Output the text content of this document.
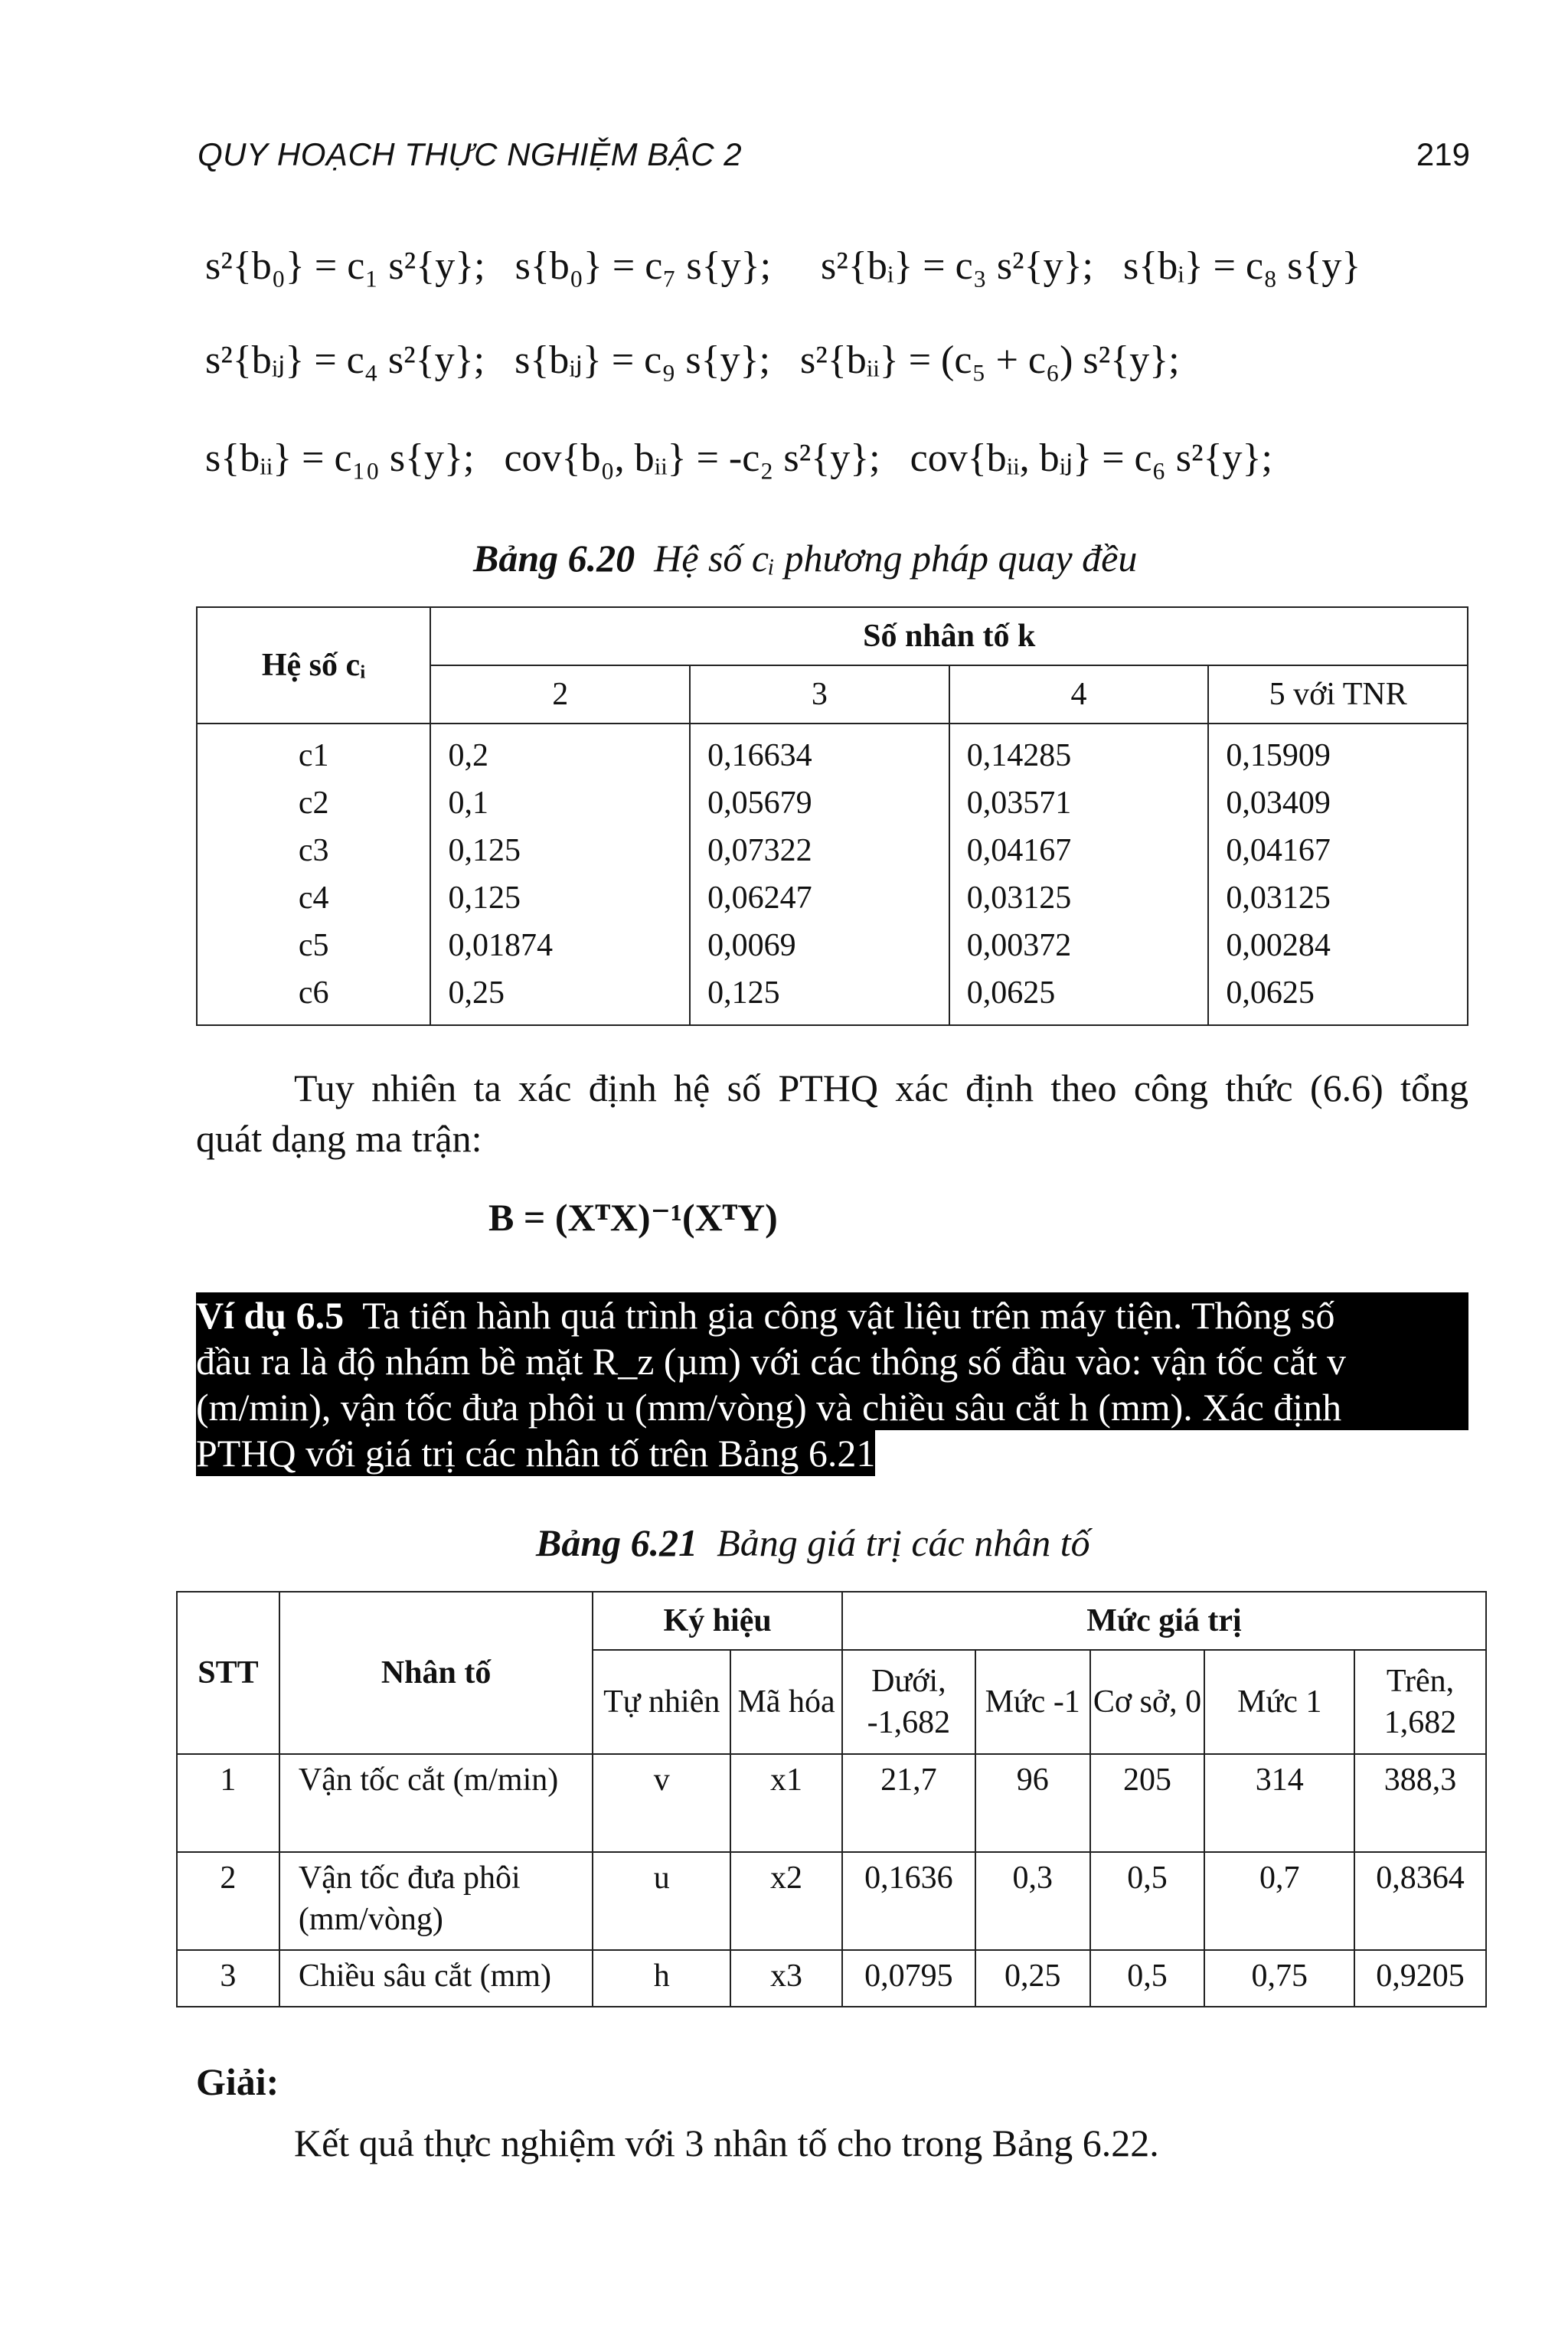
QUY HOẠCH THỰC NGHIỆM BẬC 2	219
s²{b₀} = c₁ s²{y}; s{b₀} = c₇ s{y}; s²{bᵢ} = c₃ s²{y}; s{bᵢ} = c₈ s{y}
s²{bᵢⱼ} = c₄ s²{y}; s{bᵢⱼ} = c₉ s{y}; s²{bᵢᵢ} = (c₅ + c₆) s²{y};
s{bᵢᵢ} = c₁₀ s{y}; cov{b₀, bᵢᵢ} = -c₂ s²{y}; cov{bᵢᵢ, bᵢⱼ} = c₆ s²{y};
Bảng 6.20 Hệ số cᵢ phương pháp quay đều
Hệ số cᵢ	Số nhân tố k			
	2	3	4	5 với TNR
c1	0,2	0,16634	0,14285	0,15909
c2	0,1	0,05679	0,03571	0,03409
c3	0,125	0,07322	0,04167	0,04167
c4	0,125	0,06247	0,03125	0,03125
c5	0,01874	0,0069	0,00372	0,00284
c6	0,25	0,125	0,0625	0,0625
Tuy nhiên ta xác định hệ số PTHQ xác định theo công thức (6.6) tổng
quát dạng ma trận:
B = (XᵀX)⁻¹(XᵀY)
Ví dụ 6.5 Ta tiến hành quá trình gia công vật liệu trên máy tiện. Thông số
đầu ra là độ nhám bề mặt R_z (µm) với các thông số đầu vào: vận tốc cắt v
(m/min), vận tốc đưa phôi u (mm/vòng) và chiều sâu cắt h (mm). Xác định
PTHQ với giá trị các nhân tố trên Bảng 6.21
Bảng 6.21 Bảng giá trị các nhân tố
STT	Nhân tố	Ký hiệu		Mức giá trị				
		Tự nhiên	Mã hóa	Dưới, -1,682	Mức -1	Cơ sở, 0	Mức 1	Trên, 1,682
1	Vận tốc cắt (m/min)	v	x1	21,7	96	205	314	388,3
2	Vận tốc đưa phôi (mm/vòng)	u	x2	0,1636	0,3	0,5	0,7	0,8364
3	Chiều sâu cắt (mm)	h	x3	0,0795	0,25	0,5	0,75	0,9205
Giải:
Kết quả thực nghiệm với 3 nhân tố cho trong Bảng 6.22.
